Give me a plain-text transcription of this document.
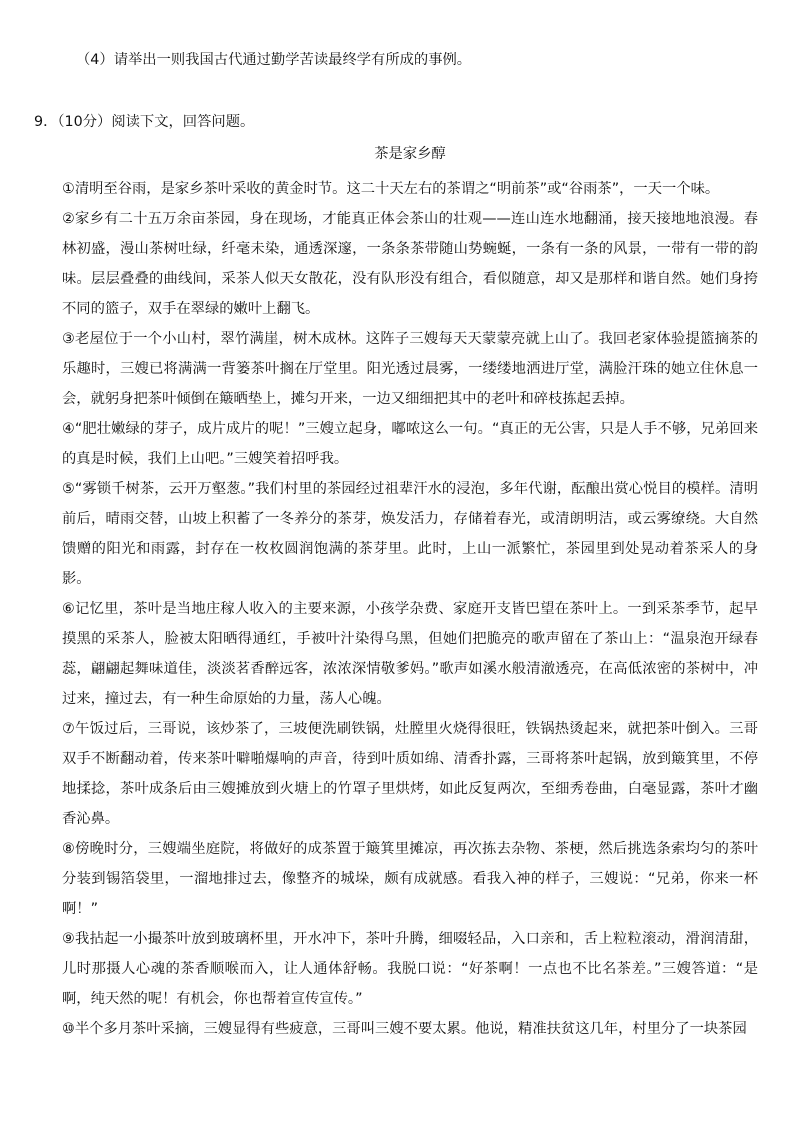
（4）请举出一则我国古代通过勤学苦读最终学有所成的事例。
9．（10分）阅读下文，回答问题。
茶是家乡醇

①清明至谷雨，是家乡茶叶采收的黄金时节。这二十天左右的茶谓之“明前茶”或“谷雨茶”，一天一个味。

②家乡有二十五万余亩茶园，身在现场，才能真正体会茶山的壮观——连山连水地翻涌，接天接地地浪漫。春林初盛，漫山茶树吐绿，纤毫未染，通透深邃，一条条茶带随山势蜿蜒，一条有一条的风景，一带有一带的韵味。层层叠叠的曲线间，采茶人似天女散花，没有队形没有组合，看似随意，却又是那样和谐自然。她们身挎不同的篮子，双手在翠绿的嫩叶上翻飞。

③老屋位于一个小山村，翠竹满崖，树木成林。这阵子三嫂每天天蒙蒙亮就上山了。我回老家体验提篮摘茶的乐趣时，三嫂已将满满一背篓茶叶搁在厅堂里。阳光透过晨雾，一缕缕地洒进厅堂，满脸汗珠的她立住休息一会，就躬身把茶叶倾倒在簸晒垫上，摊匀开来，一边又细细把其中的老叶和碎枝拣起丢掉。

④“肥壮嫩绿的芽子，成片成片的呢！”三嫂立起身，嘟哝这么一句。“真正的无公害，只是人手不够，兄弟回来的真是时候，我们上山吧。”三嫂笑着招呼我。

⑤“雾锁千树茶，云开万壑葱。”我们村里的茶园经过祖辈汗水的浸泡，多年代谢，酝酿出赏心悦目的模样。清明前后，晴雨交替，山坡上积蓄了一冬养分的茶芽，焕发活力，存储着春光，或清朗明洁，或云雾缭绕。大自然馈赠的阳光和雨露，封存在一枚枚圆润饱满的茶芽里。此时，上山一派繁忙，茶园里到处晃动着茶采人的身影。

⑥记忆里，茶叶是当地庄稼人收入的主要来源，小孩学杂费、家庭开支皆巴望在茶叶上。一到采茶季节，起早摸黑的采茶人，脸被太阳晒得通红，手被叶汁染得乌黑，但她们把脆亮的歌声留在了茶山上：“温泉泡开绿春蕊，翩翩起舞味道佳，淡淡茗香醉远客，浓浓深情敬爹妈。”歌声如溪水般清澈透亮，在高低浓密的茶树中，冲过来，撞过去，有一种生命原始的力量，荡人心魄。

⑦午饭过后，三哥说，该炒茶了，三坡便洗刷铁锅，灶膛里火烧得很旺，铁锅热烫起来，就把茶叶倒入。三哥双手不断翻动着，传来茶叶噼啪爆响的声音，待到叶质如绵、清香扑露，三哥将茶叶起锅，放到簸箕里，不停地揉捻，茶叶成条后由三嫂摊放到火塘上的竹罩子里烘烤，如此反复两次，至细秀卷曲，白毫显露，茶叶才幽香沁鼻。

⑧傍晚时分，三嫂端坐庭院，将做好的成茶置于簸箕里摊凉，再次拣去杂物、茶梗，然后挑选条索均匀的茶叶分装到锡箔袋里，一溜地排过去，像整齐的城垛，颇有成就感。看我入神的样子，三嫂说：“兄弟，你来一杯啊！”

⑨我拈起一小撮茶叶放到玻璃杯里，开水冲下，茶叶升腾，细啜轻品，入口亲和，舌上粒粒滚动，滑润清甜，儿时那摄人心魂的茶香顺喉而入，让人通体舒畅。我脱口说：“好茶啊！一点也不比名茶差。”三嫂答道：“是啊，纯天然的呢！有机会，你也帮着宣传宣传。”

⑩半个多月茶叶采摘，三嫂显得有些疲意，三哥叫三嫂不要太累。他说，精准扶贫这几年，村里分了一块茶园
